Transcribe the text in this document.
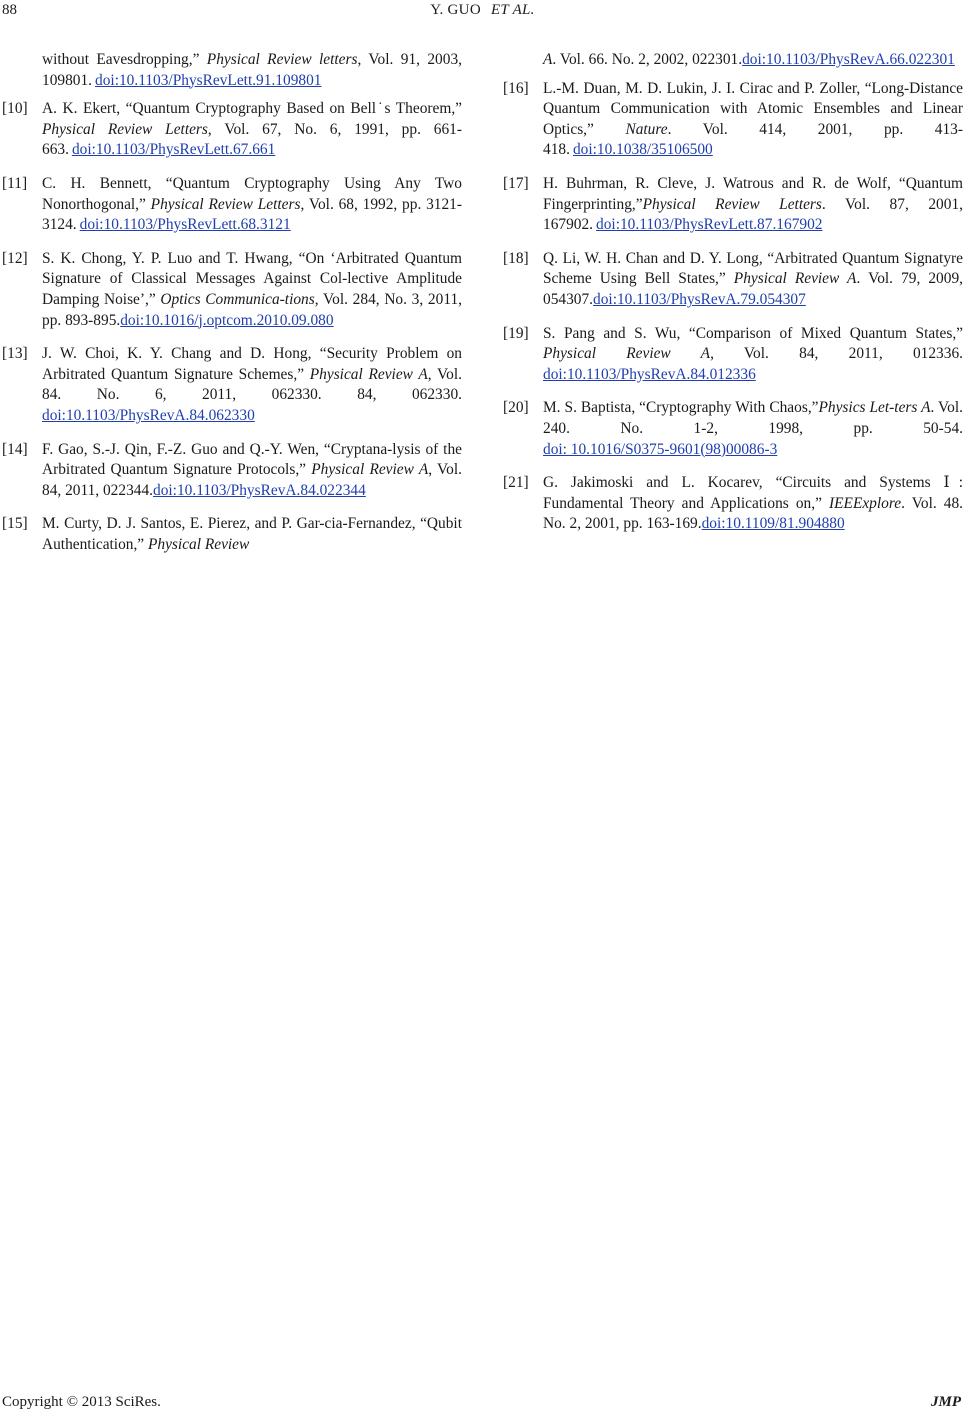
88	Y. GUO ET AL.
without Eavesdropping,” Physical Review letters, Vol. 91, 2003, 109801. doi:10.1103/PhysRevLett.91.109801
[10] A. K. Ekert, “Quantum Cryptography Based on Bell˙s Theorem,” Physical Review Letters, Vol. 67, No. 6, 1991, pp. 661-663. doi:10.1103/PhysRevLett.67.661
[11] C. H. Bennett, “Quantum Cryptography Using Any Two Nonorthogonal,” Physical Review Letters, Vol. 68, 1992, pp. 3121-3124. doi:10.1103/PhysRevLett.68.3121
[12] S. K. Chong, Y. P. Luo and T. Hwang, “On ‘Arbitrated Quantum Signature of Classical Messages Against Col-lective Amplitude Damping Noise’,” Optics Communica-tions, Vol. 284, No. 3, 2011, pp. 893-895.doi:10.1016/j.optcom.2010.09.080
[13] J. W. Choi, K. Y. Chang and D. Hong, “Security Problem on Arbitrated Quantum Signature Schemes,” Physical Review A, Vol. 84. No. 6, 2011, 062330. 84, 062330.doi:10.1103/PhysRevA.84.062330
[14] F. Gao, S.-J. Qin, F.-Z. Guo and Q.-Y. Wen, “Cryptana-lysis of the Arbitrated Quantum Signature Protocols,” Physical Review A, Vol. 84, 2011, 022344.doi:10.1103/PhysRevA.84.022344
[15] M. Curty, D. J. Santos, E. Pierez, and P. Gar-cia-Fernandez, “Qubit Authentication,” Physical Review
A. Vol. 66. No. 2, 2002, 022301.doi:10.1103/PhysRevA.66.022301
[16] L.-M. Duan, M. D. Lukin, J. I. Cirac and P. Zoller, “Long-Distance Quantum Communication with Atomic Ensembles and Linear Optics,” Nature. Vol. 414, 2001, pp. 413-418. doi:10.1038/35106500
[17] H. Buhrman, R. Cleve, J. Watrous and R. de Wolf, “Quantum Fingerprinting,”Physical Review Letters. Vol. 87, 2001, 167902. doi:10.1103/PhysRevLett.87.167902
[18] Q. Li, W. H. Chan and D. Y. Long, “Arbitrated Quantum Signatyre Scheme Using Bell States,” Physical Review A. Vol. 79, 2009, 054307.doi:10.1103/PhysRevA.79.054307
[19] S. Pang and S. Wu, “Comparison of Mixed Quantum States,” Physical Review A, Vol. 84, 2011, 012336.doi:10.1103/PhysRevA.84.012336
[20] M. S. Baptista, “Cryptography With Chaos,”Physics Let-ters A. Vol. 240. No. 1-2, 1998, pp. 50-54.doi: 10.1016/S0375-9601(98)00086-3
[21] G. Jakimoski and L. Kocarev, “Circuits and Systems Ⅰ: Fundamental Theory and Applications on,” IEEExplore. Vol. 48. No. 2, 2001, pp. 163-169.doi:10.1109/81.904880
Copyright © 2013 SciRes.	JMP
